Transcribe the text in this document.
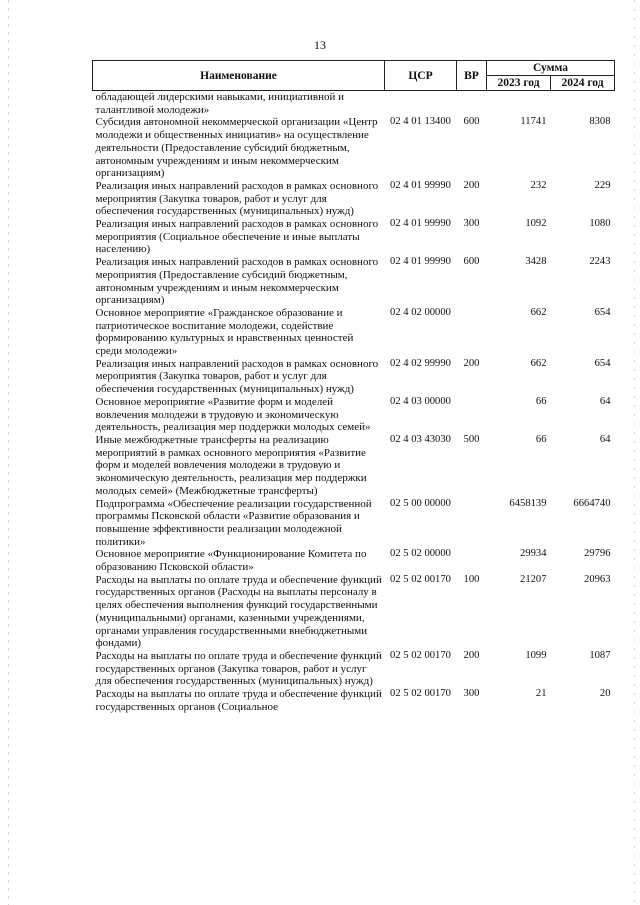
13
Наименование	ЦСР	ВР	Сумма	
			2023 год	2024 год
обладающей лидерскими навыками, инициативной и талантливой молодежи»				
Субсидия автономной некоммерческой организации «Центр молодежи и общественных инициатив» на осуществление деятельности (Предоставление субсидий бюджетным, автономным учреждениям и иным некоммерческим организациям)	02 4 01 13400	600	11741	8308
Реализация иных направлений расходов в рамках основного мероприятия (Закупка товаров, работ и услуг для обеспечения государственных (муниципальных) нужд)	02 4 01 99990	200	232	229
Реализация иных направлений расходов в рамках основного мероприятия (Социальное обеспечение и иные выплаты населению)	02 4 01 99990	300	1092	1080
Реализация иных направлений расходов в рамках основного мероприятия (Предоставление субсидий бюджетным, автономным учреждениям и иным некоммерческим организациям)	02 4 01 99990	600	3428	2243
Основное мероприятие «Гражданское образование и патриотическое воспитание молодежи, содействие формированию культурных и нравственных ценностей среди молодежи»	02 4 02 00000		662	654
Реализация иных направлений расходов в рамках основного мероприятия (Закупка товаров, работ и услуг для обеспечения государственных (муниципальных) нужд)	02 4 02 99990	200	662	654
Основное мероприятие «Развитие форм и моделей вовлечения молодежи в трудовую и экономическую деятельность, реализация мер поддержки молодых семей»	02 4 03 00000		66	64
Иные межбюджетные трансферты на реализацию мероприятий в рамках основного мероприятия «Развитие форм и моделей вовлечения молодежи в трудовую и экономическую деятельность, реализация мер поддержки молодых семей» (Межбюджетные трансферты)	02 4 03 43030	500	66	64
Подпрограмма «Обеспечение реализации государственной программы Псковской области «Развитие образования и повышение эффективности реализации молодежной политики»	02 5 00 00000		6458139	6664740
Основное мероприятие «Функционирование Комитета по образованию Псковской области»	02 5 02 00000		29934	29796
Расходы на выплаты по оплате труда и обеспечение функций государственных органов (Расходы на выплаты персоналу в целях обеспечения выполнения функций государственными (муниципальными) органами, казенными учреждениями, органами управления государственными внебюджетными фондами)	02 5 02 00170	100	21207	20963
Расходы на выплаты по оплате труда и обеспечение функций государственных органов (Закупка товаров, работ и услуг для обеспечения государственных (муниципальных) нужд)	02 5 02 00170	200	1099	1087
Расходы на выплаты по оплате труда и обеспечение функций государственных органов (Социальное	02 5 02 00170	300	21	20
